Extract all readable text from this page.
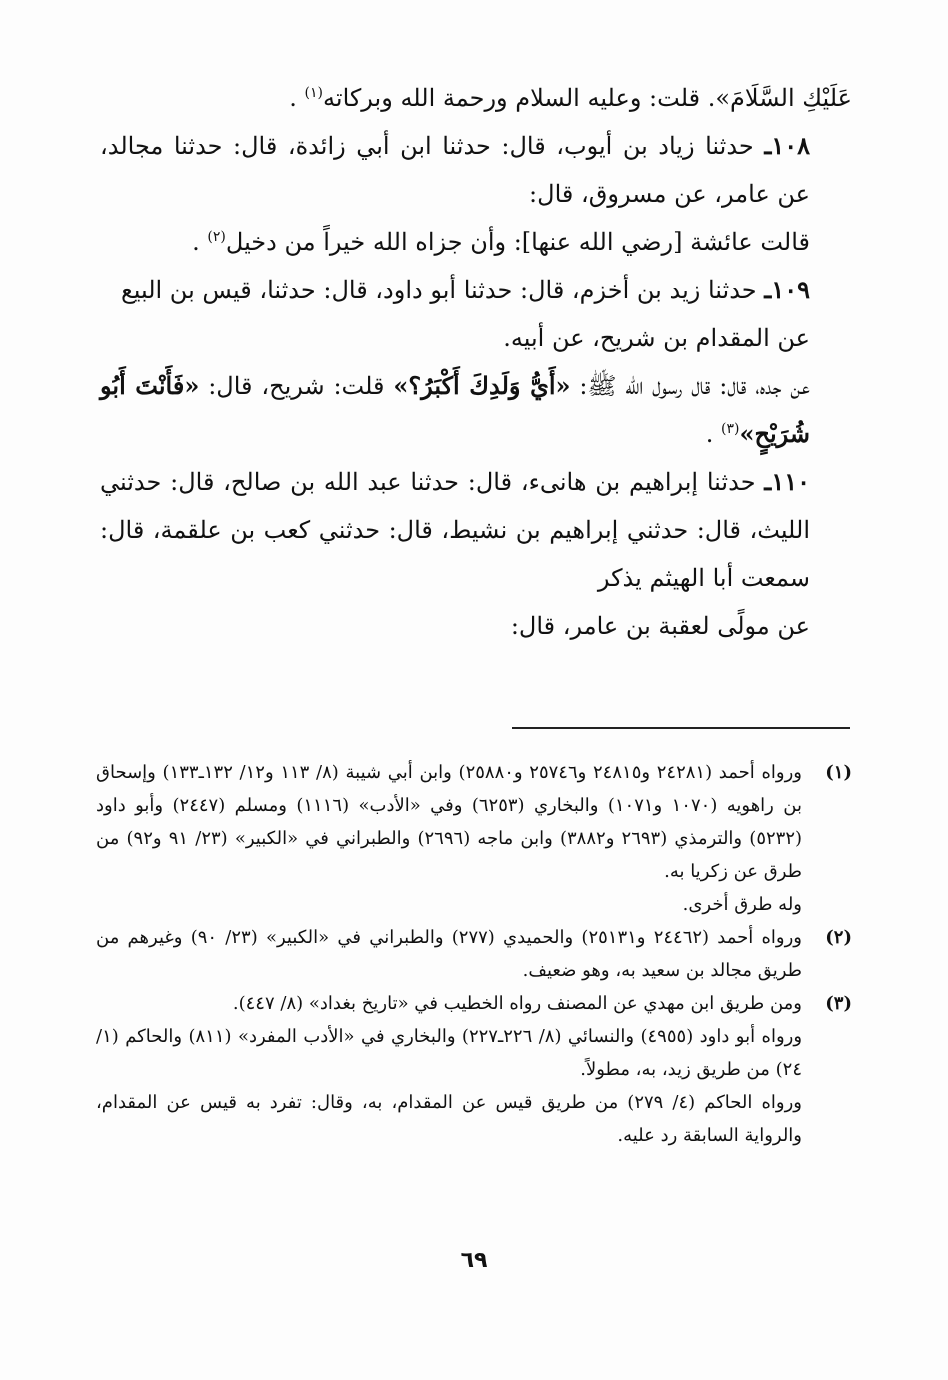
عَلَيْكِ السَّلَامَ». قلت: وعليه السلام ورحمة الله وبركاته$^{(١)}$ .

١٠٨ـ حدثنا زياد بن أيوب، قال: حدثنا ابن أبي زائدة، قال: حدثنا مجالد، عن عامر، عن مسروق، قال:

قالت عائشة [رضي الله عنها]: وأن جزاه الله خيراً من دخيل$^{(٢)}$ .

١٠٩ـ حدثنا زيد بن أخزم، قال: حدثنا أبو داود، قال: حدثنا، قيس بن البيع

عن المقدام بن شريح، عن أبيه.

عن جده، قال: قال رسول الله ﷺ: «أَيُّ وَلَدِكَ أَكْبَرُ؟» قلت: شريح، قال: «فَأَنْتَ أَبُو شُرَيْحٍ»$^{(٣)}$ .

١١٠ـ حدثنا إبراهيم بن هانىء، قال: حدثنا عبد الله بن صالح، قال: حدثني الليث، قال: حدثني إبراهيم بن نشيط، قال: حدثني كعب بن علقمة، قال: سمعت أبا الهيثم يذكر

عن مولًى لعقبة بن عامر، قال:

(١)

ورواه أحمد (٢٤٢٨١ و٢٤٨١٥ و٢٥٧٤٦ و٢٥٨٨٠) وابن أبي شيبة (٨/ ١١٣ و١٢/ ١٣٢ـ١٣٣) وإسحاق بن راهويه (١٠٧٠ و١٠٧١) والبخاري (٦٢٥٣) وفي «الأدب» (١١١٦) ومسلم (٢٤٤٧) وأبو داود (٥٢٣٢) والترمذي (٢٦٩٣ و٣٨٨٢) وابن ماجه (٢٦٩٦) والطبراني في «الكبير» (٢٣/ ٩١ و٩٢) من طرق عن زكريا به.

وله طرق أخرى.

(٢)

ورواه أحمد (٢٤٤٦٢ و٢٥١٣١) والحميدي (٢٧٧) والطبراني في «الكبير» (٢٣/ ٩٠) وغيرهم من طريق مجالد بن سعيد به، وهو ضعيف.

(٣)

ومن طريق ابن مهدي عن المصنف رواه الخطيب في «تاريخ بغداد» (٨/ ٤٤٧).

ورواه أبو داود (٤٩٥٥) والنسائي (٨/ ٢٢٦ـ٢٢٧) والبخاري في «الأدب المفرد» (٨١١) والحاكم (١/ ٢٤) من طريق زيد، به، مطولاً.

ورواه الحاكم (٤/ ٢٧٩) من طريق قيس عن المقدام، به، وقال: تفرد به قيس عن المقدام، والرواية السابقة رد عليه.

٦٩
